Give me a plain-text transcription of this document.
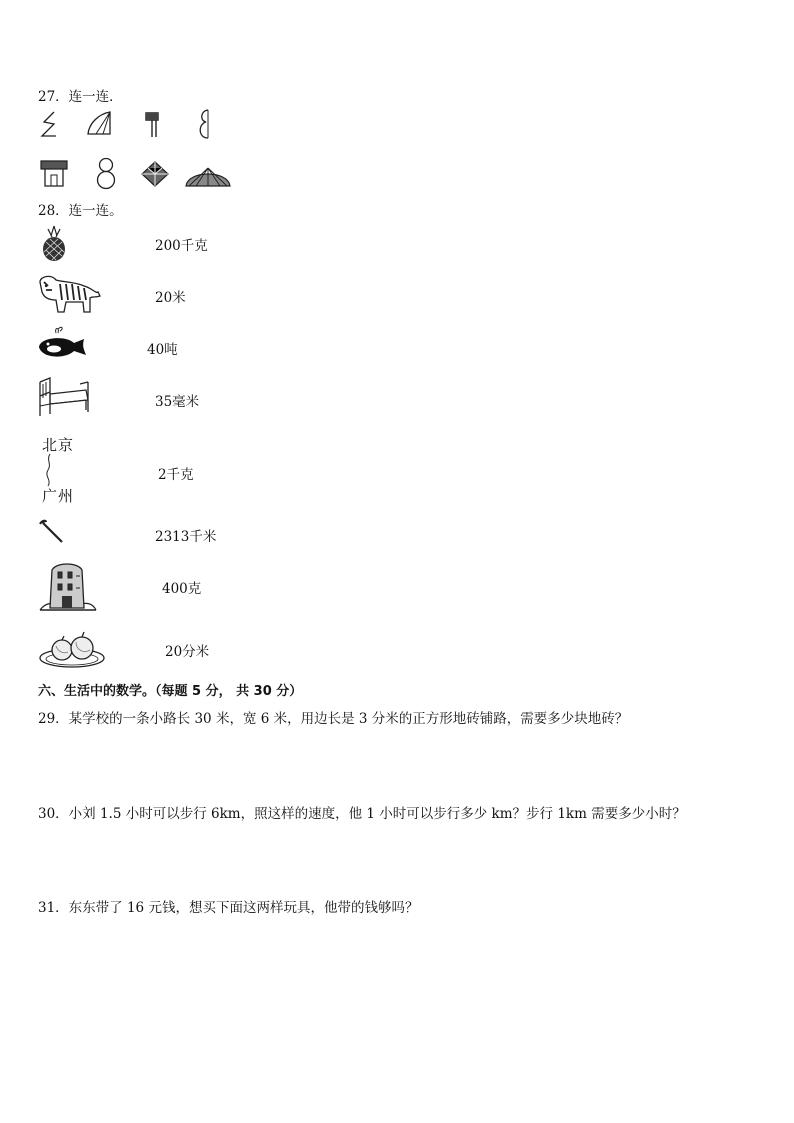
27．连一连．
28．连一连。
200千克
20米
40吨
35毫米
北京
广州
2千克
2313千米
400克
20分米
六、生活中的数学。（每题 5 分， 共 30 分）
29．某学校的一条小路长 30 米，宽 6 米，用边长是 3 分米的正方形地砖铺路，需要多少块地砖？
30．小刘 1.5 小时可以步行 6km，照这样的速度，他 1 小时可以步行多少 km？步行 1km 需要多少小时？
31．东东带了 16 元钱，想买下面这两样玩具，他带的钱够吗？
